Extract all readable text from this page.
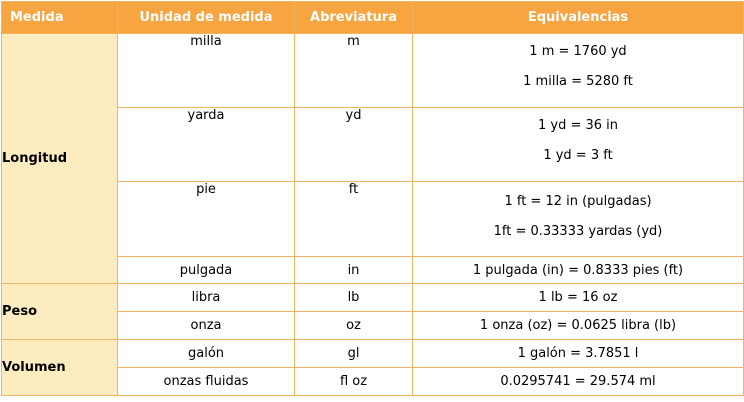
Medida	Unidad de medida	Abreviatura	Equivalencias
Longitud	milla	m	1 m = 1760 yd
1 milla = 5280 ft

	yarda	yd	1 yd = 36 in
1 yd = 3 ft

	pie	ft	1 ft = 12 in (pulgadas)
1ft = 0.33333 yardas (yd)

	pulgada	in	1 pulgada (in) = 0.8333 pies (ft)
Peso	libra	lb	1 lb = 16 oz
	onza	oz	1 onza (oz) = 0.0625 libra (lb)
Volumen	galón	gl	1 galón = 3.7851 l
	onzas fluidas	fl oz	0.0295741 = 29.574 ml
